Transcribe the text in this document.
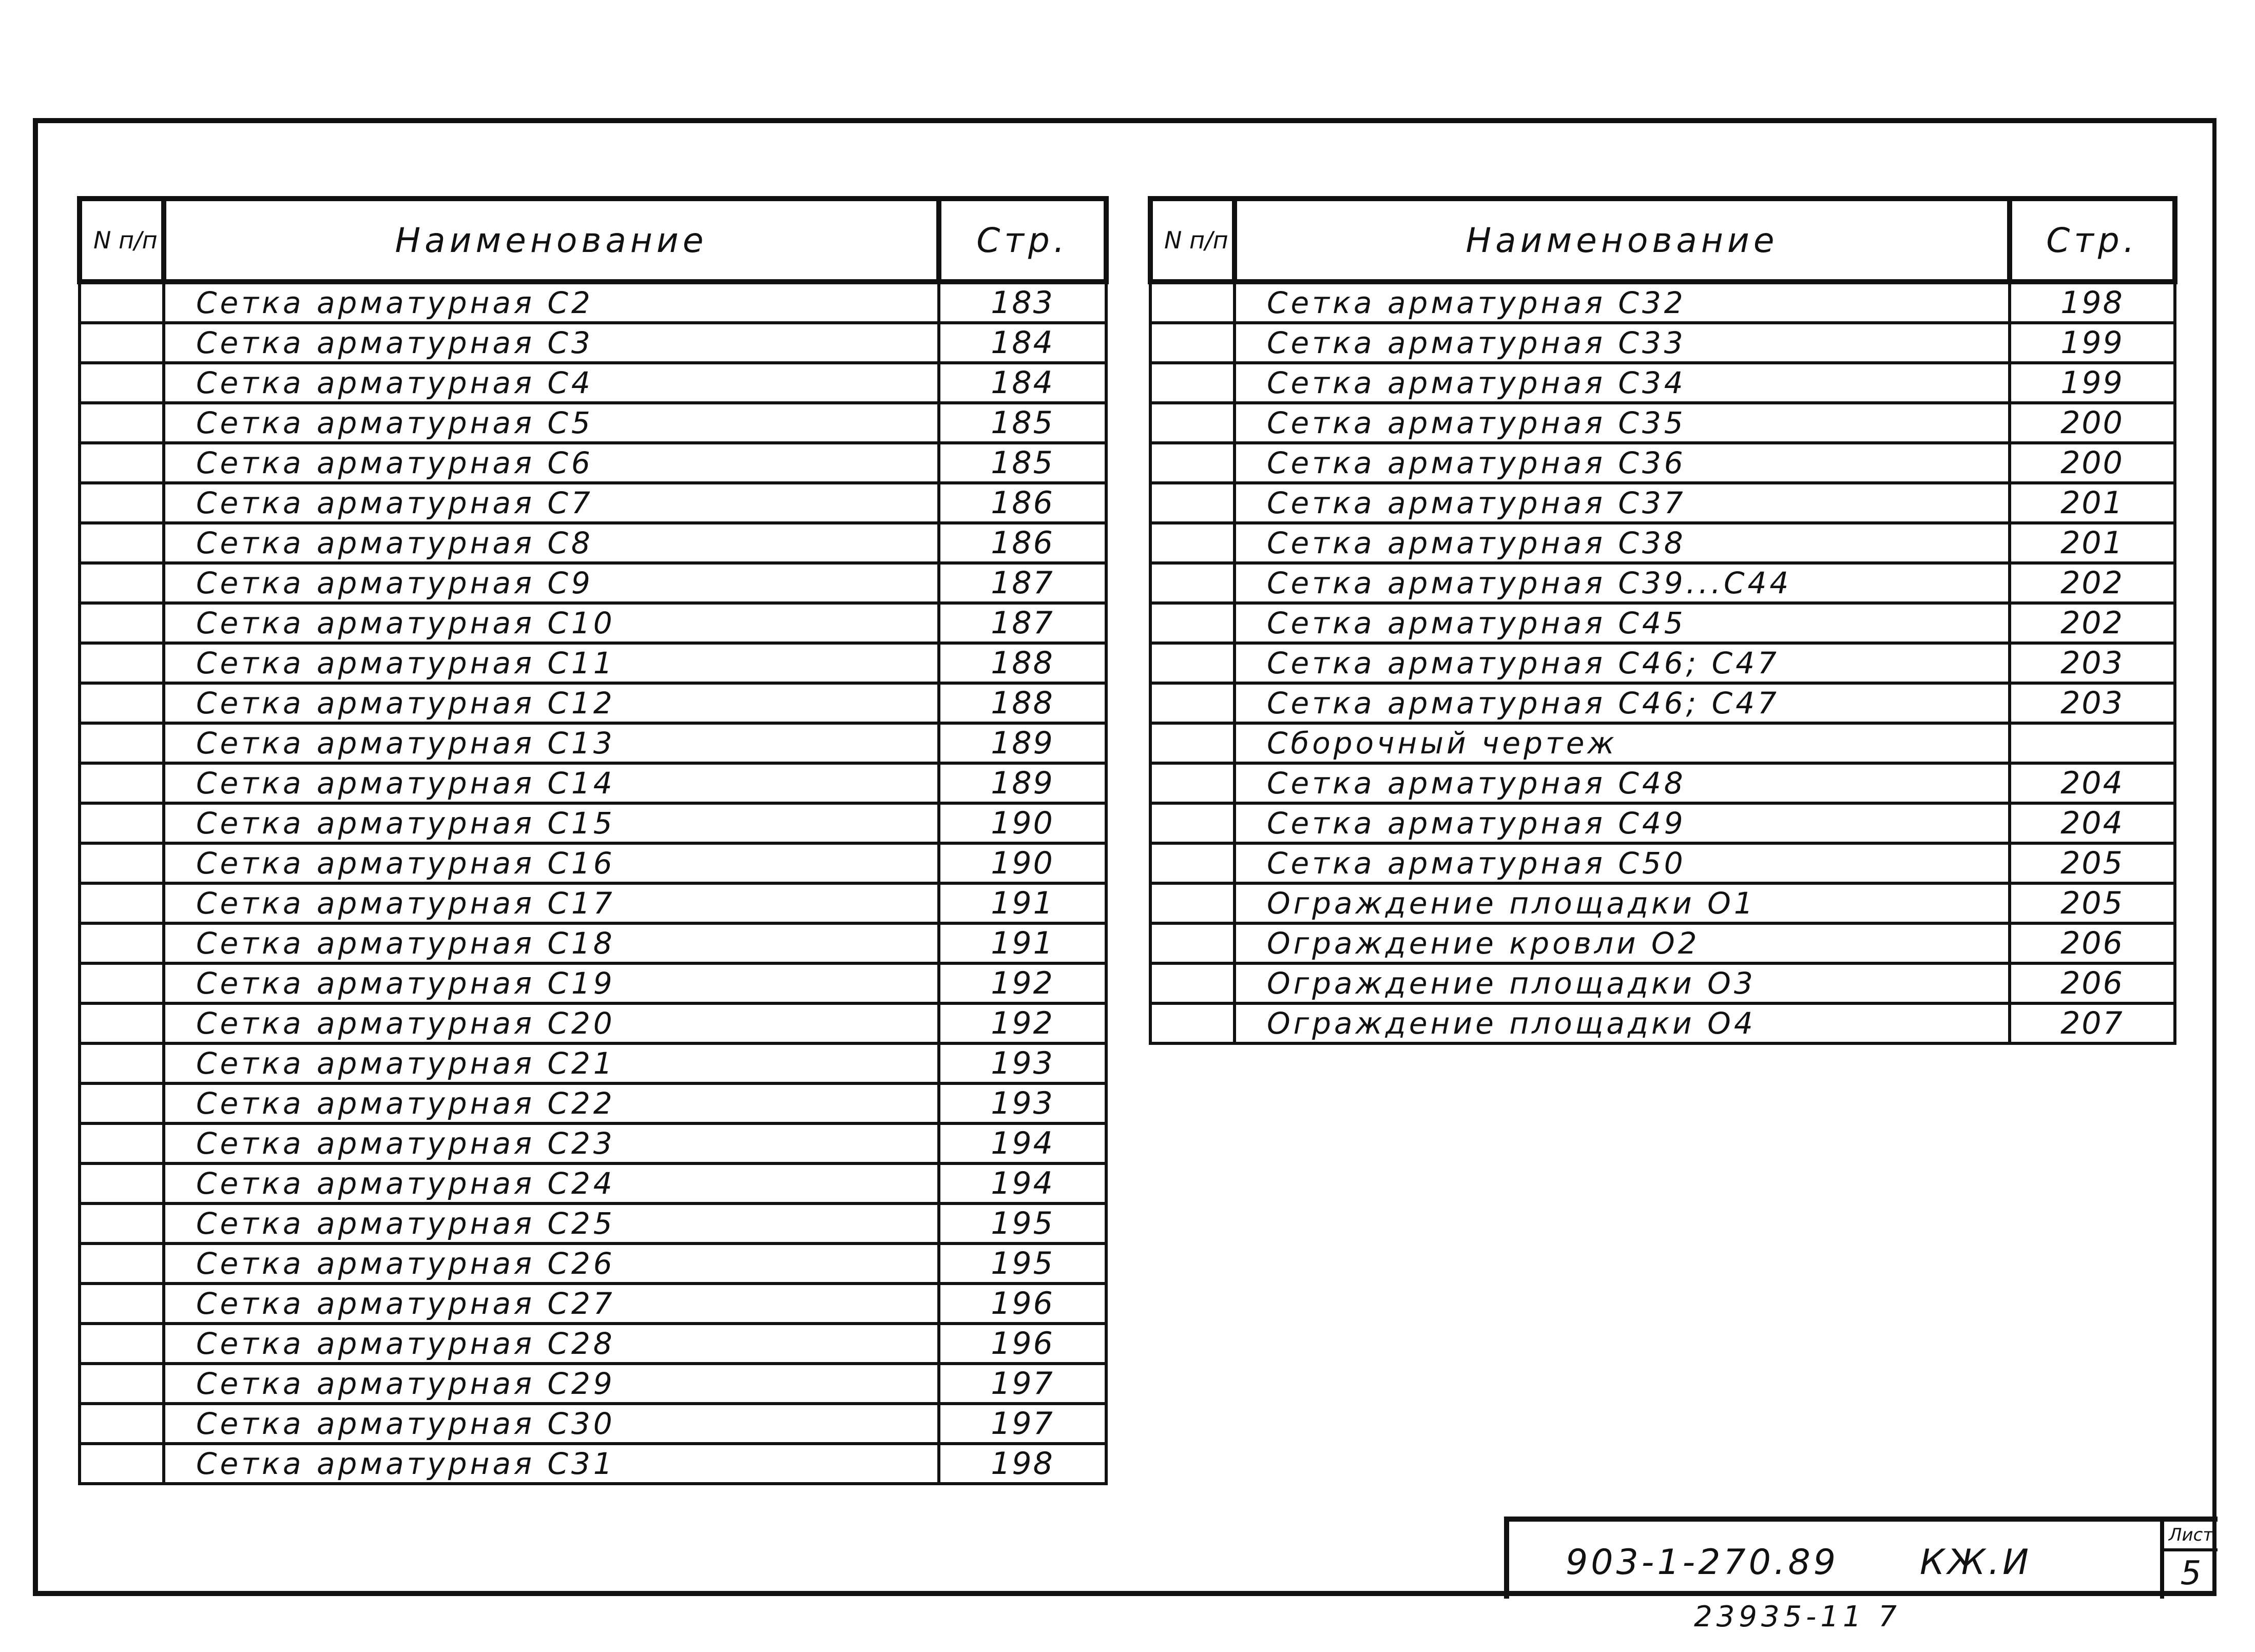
N п/п	Наименование	Стр.
	Сетка арматурная С2	183
	Сетка арматурная С3	184
	Сетка арматурная С4	184
	Сетка арматурная С5	185
	Сетка арматурная С6	185
	Сетка арматурная С7	186
	Сетка арматурная С8	186
	Сетка арматурная С9	187
	Сетка арматурная С10	187
	Сетка арматурная С11	188
	Сетка арматурная С12	188
	Сетка арматурная С13	189
	Сетка арматурная С14	189
	Сетка арматурная С15	190
	Сетка арматурная С16	190
	Сетка арматурная С17	191
	Сетка арматурная С18	191
	Сетка арматурная С19	192
	Сетка арматурная С20	192
	Сетка арматурная С21	193
	Сетка арматурная С22	193
	Сетка арматурная С23	194
	Сетка арматурная С24	194
	Сетка арматурная С25	195
	Сетка арматурная С26	195
	Сетка арматурная С27	196
	Сетка арматурная С28	196
	Сетка арматурная С29	197
	Сетка арматурная С30	197
	Сетка арматурная С31	198
N п/п	Наименование	Стр.
	Сетка арматурная С32	198
	Сетка арматурная С33	199
	Сетка арматурная С34	199
	Сетка арматурная С35	200
	Сетка арматурная С36	200
	Сетка арматурная С37	201
	Сетка арматурная С38	201
	Сетка арматурная С39...С44	202
	Сетка арматурная С45	202
	Сетка арматурная С46; С47	203
	Сетка арматурная С46; С47	203
	Сборочный чертеж	
	Сетка арматурная С48	204
	Сетка арматурная С49	204
	Сетка арматурная С50	205
	Ограждение площадки О1	205
	Ограждение кровли О2	206
	Ограждение площадки О3	206
	Ограждение площадки О4	207
903-1-270.89 КЖ.И
Лист
5
23935-11 7
